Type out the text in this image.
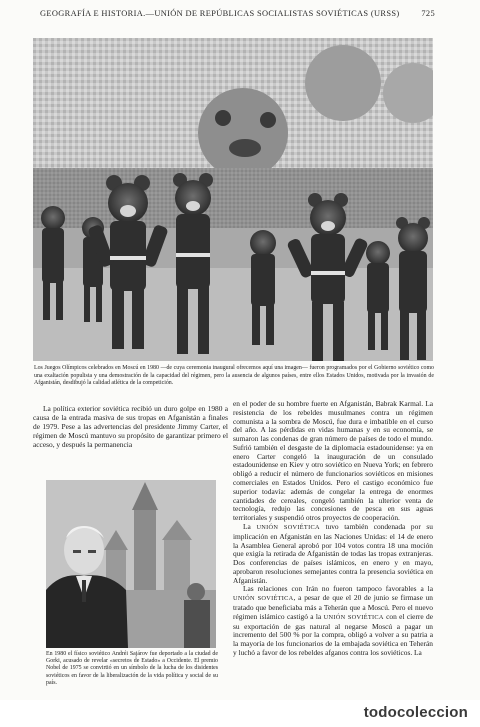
GEOGRAFÍA E HISTORIA.—UNIÓN DE REPÚBLICAS SOCIALISTAS SOVIÉTICAS (URSS)	725
Los Juegos Olímpicos celebrados en Moscú en 1980 —de cuya ceremonia inaugural ofrecemos aquí una imagen— fueron programados por el Gobierno soviético como una exaltación populista y una demostración de la capacidad del régimen, pero la ausencia de algunos países, entre ellos Estados Unidos, motivada por la invasión de Afganistán, desdibujó la calidad atlética de la competición.

La política exterior soviética recibió un duro golpe en 1980 a causa de la entrada masiva de sus tropas en Afganistán a finales de 1979. Pese a las advertencias del presidente Jimmy Carter, el régimen de Moscú mantuvo su propósito de garantizar primero el acceso, y después la permanencia

En 1980 el físico soviético Andréi Sajárov fue deportado a la ciudad de Gorki, acusado de revelar «secretos de Estado» a Occidente. El premio Nobel de 1975 se convirtió en un símbolo de la lucha de los disidentes soviéticos en favor de la liberalización de la vida política y social de su país.

en el poder de su hombre fuerte en Afganistán, Babrak Karmal. La resistencia de los rebeldes musulmanes contra un régimen comunista a la sombra de Moscú, fue dura e imbatible en el curso del año. A las pérdidas en vidas humanas y en su economía, se sumaron las condenas de gran número de países de todo el mundo. Sufrió también el desgaste de la diplomacia estadounidense: ya en enero Carter congeló la inauguración de un consulado estadounidense en Kiev y otro soviético en Nueva York; en febrero obligó a reducir el número de funcionarios soviéticos en misiones comerciales en Estados Unidos. Pero el castigo económico fue superior todavía: además de congelar la entrega de enormes cantidades de cereales, congeló también la ulterior venta de tecnología, redujo las concesiones de pesca en sus aguas territoriales y suspendió otros proyectos de cooperación.

La UNIÓN SOVIÉTICA tuvo también condenada por su implicación en Afganistán en las Naciones Unidas: el 14 de enero la Asamblea General aprobó por 104 votos contra 18 una moción que exigía la retirada de Afganistán de todas las tropas extranjeras. Dos conferencias de países islámicos, en enero y en mayo, aprobaron resoluciones semejantes contra la presencia soviética en Afganistán.

Las relaciones con Irán no fueron tampoco favorables a la UNIÓN SOVIÉTICA, a pesar de que el 20 de junio se firmase un tratado que beneficiaba más a Teherán que a Moscú. Pero el nuevo régimen islámico castigó a la UNIÓN SOVIÉTICA con el cierre de su exportación de gas natural al negarse Moscú a pagar un incremento del 500 % por la compra, obligó a volver a su patria a la mayoría de los funcionarios de la embajada soviética en Teherán y luchó a favor de los rebeldes afganos contra los soviéticos. La

todocoleccion
